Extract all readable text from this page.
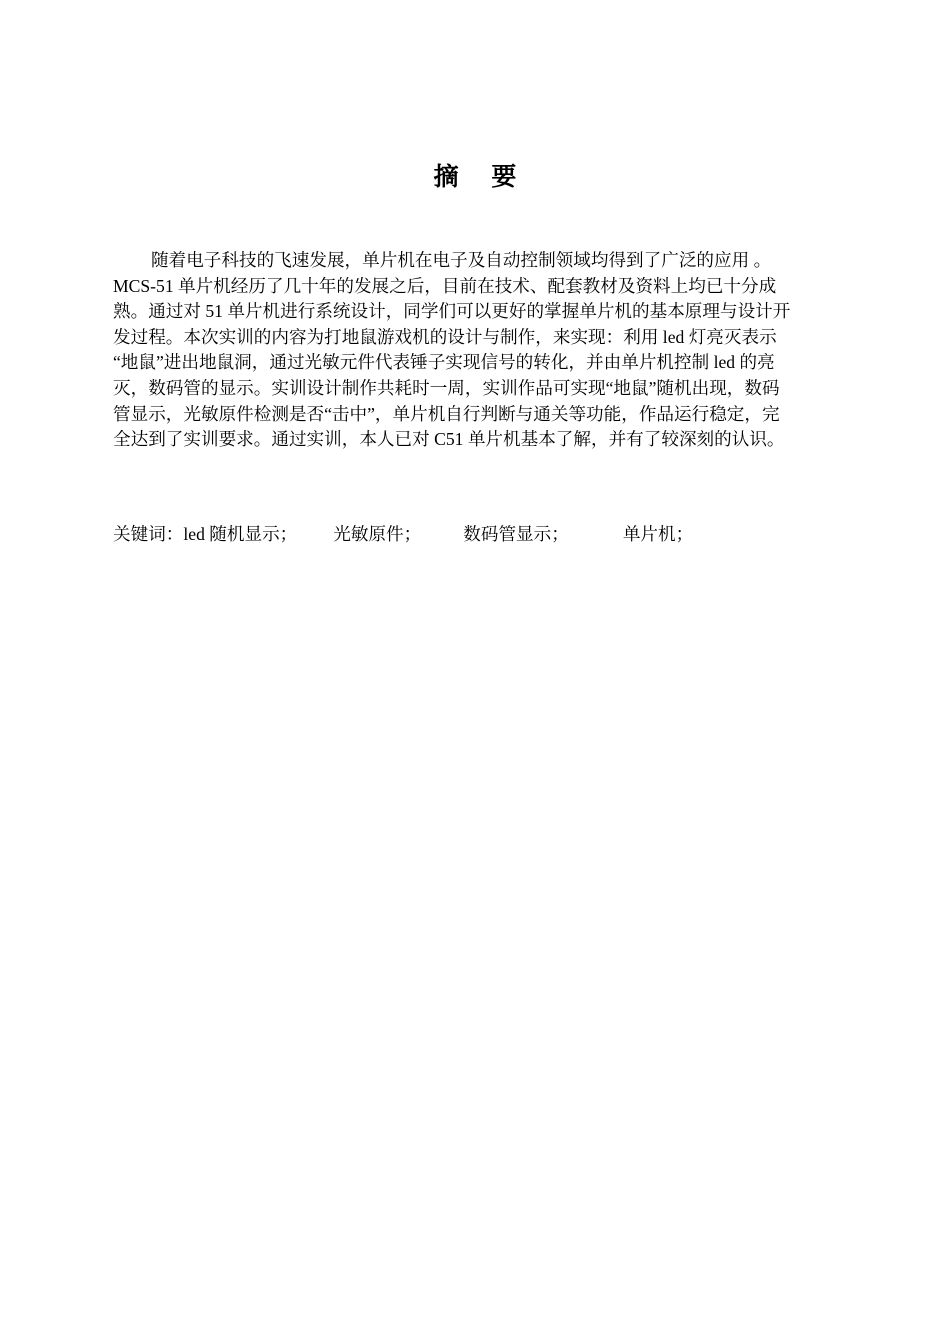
摘 要
随着电子科技的飞速发展，单片机在电子及自动控制领域均得到了广泛的应用 。
MCS-51 单片机经历了几十年的发展之后，目前在技术、配套教材及资料上均已十分成
熟。通过对 51 单片机进行系统设计，同学们可以更好的掌握单片机的基本原理与设计开
发过程。本次实训的内容为打地鼠游戏机的设计与制作，来实现：利用 led 灯亮灭表示
“地鼠”进出地鼠洞，通过光敏元件代表锤子实现信号的转化，并由单片机控制 led 的亮
灭，数码管的显示。实训设计制作共耗时一周，实训作品可实现“地鼠”随机出现，数码
管显示，光敏原件检测是否“击中”，单片机自行判断与通关等功能，作品运行稳定，完
全达到了实训要求。通过实训，本人已对 C51 单片机基本了解，并有了较深刻的认识。
关键词：led 随机显示； 光敏原件； 数码管显示；	单片机；
